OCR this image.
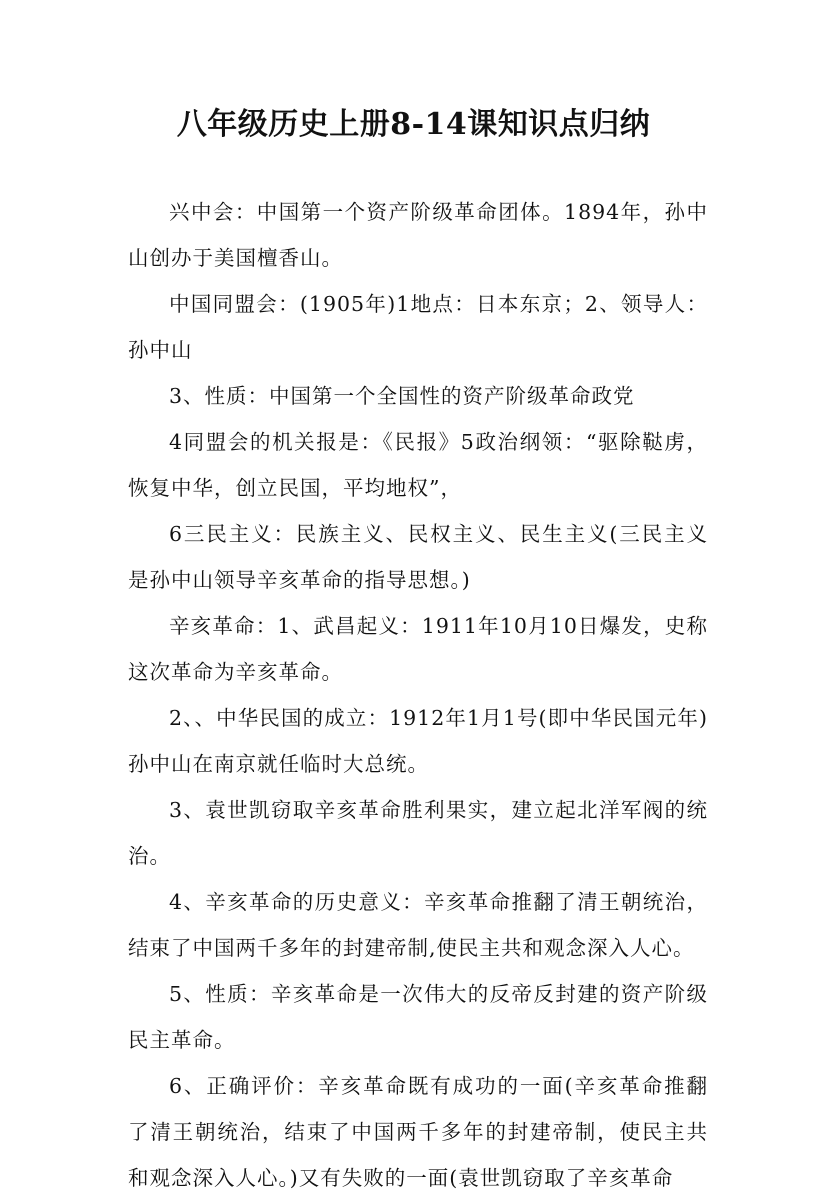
八年级历史上册8-14课知识点归纳

兴中会：中国第一个资产阶级革命团体。1894年，孙中山创办于美国檀香山。

中国同盟会：(1905年)1地点：日本东京；2、领导人：孙中山

3、性质：中国第一个全国性的资产阶级革命政党

4同盟会的机关报是：《民报》5政治纲领：“驱除鞑虏，恢复中华，创立民国，平均地权”，

6三民主义：民族主义、民权主义、民生主义(三民主义是孙中山领导辛亥革命的指导思想。)

辛亥革命：1、武昌起义：1911年10月10日爆发，史称这次革命为辛亥革命。

2、、中华民国的成立：1912年1月1号(即中华民国元年)孙中山在南京就任临时大总统。

3、袁世凯窃取辛亥革命胜利果实，建立起北洋军阀的统治。

4、辛亥革命的历史意义：辛亥革命推翻了清王朝统治，结束了中国两千多年的封建帝制,使民主共和观念深入人心。

5、性质：辛亥革命是一次伟大的反帝反封建的资产阶级民主革命。

6、正确评价：辛亥革命既有成功的一面(辛亥革命推翻了清王朝统治，结束了中国两千多年的封建帝制，使民主共和观念深入人心。)又有失败的一面(袁世凯窃取了辛亥革命
